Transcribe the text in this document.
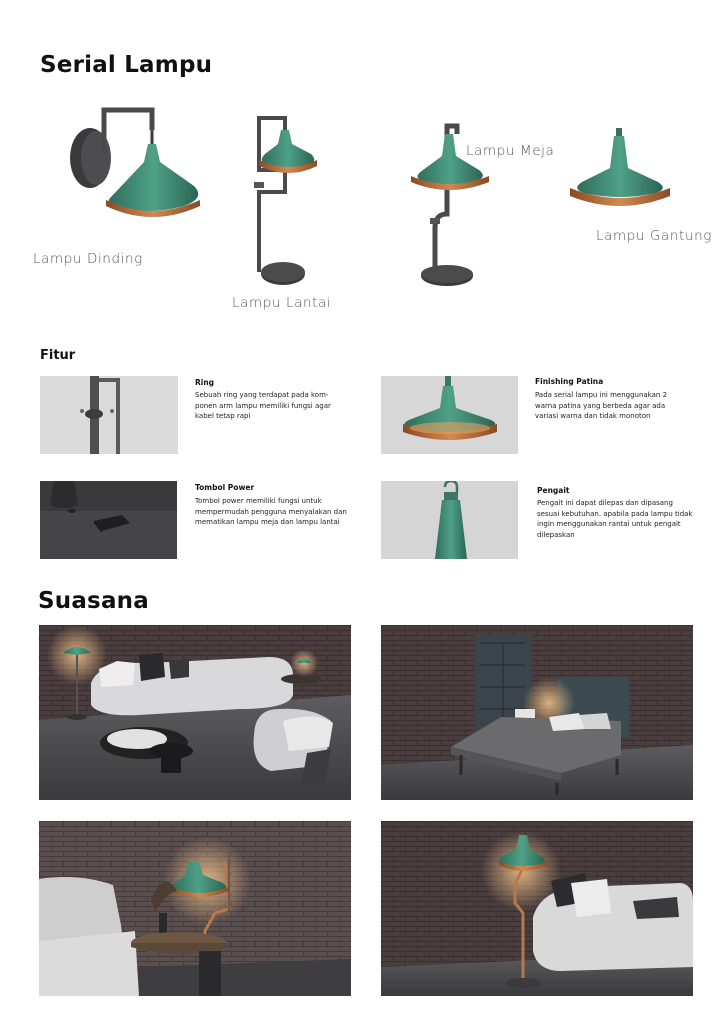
Serial Lampu
Lampu Dinding
Lampu Lantai
Lampu Meja
Lampu Gantung
Fitur
Ring
Sebuah ring yang terdapat pada kom-ponen arm lampu memiliki fungsi agar kabel tetap rapi
Finishing Patina
Pada serial lampu ini menggunakan 2 warna patina yang berbeda agar ada variasi warna dan tidak monoton
Tombol Power
Tombol power memiliki fungsi untuk mempermudah pengguna menyalakan dan mematikan lampu meja dan lampu lantai
Pengait
Pengait ini dapat dilepas dan dipasang sesuai kebutuhan. apabila pada lampu tidak ingin menggunakan rantai untuk pengait dilepaskan
Suasana
